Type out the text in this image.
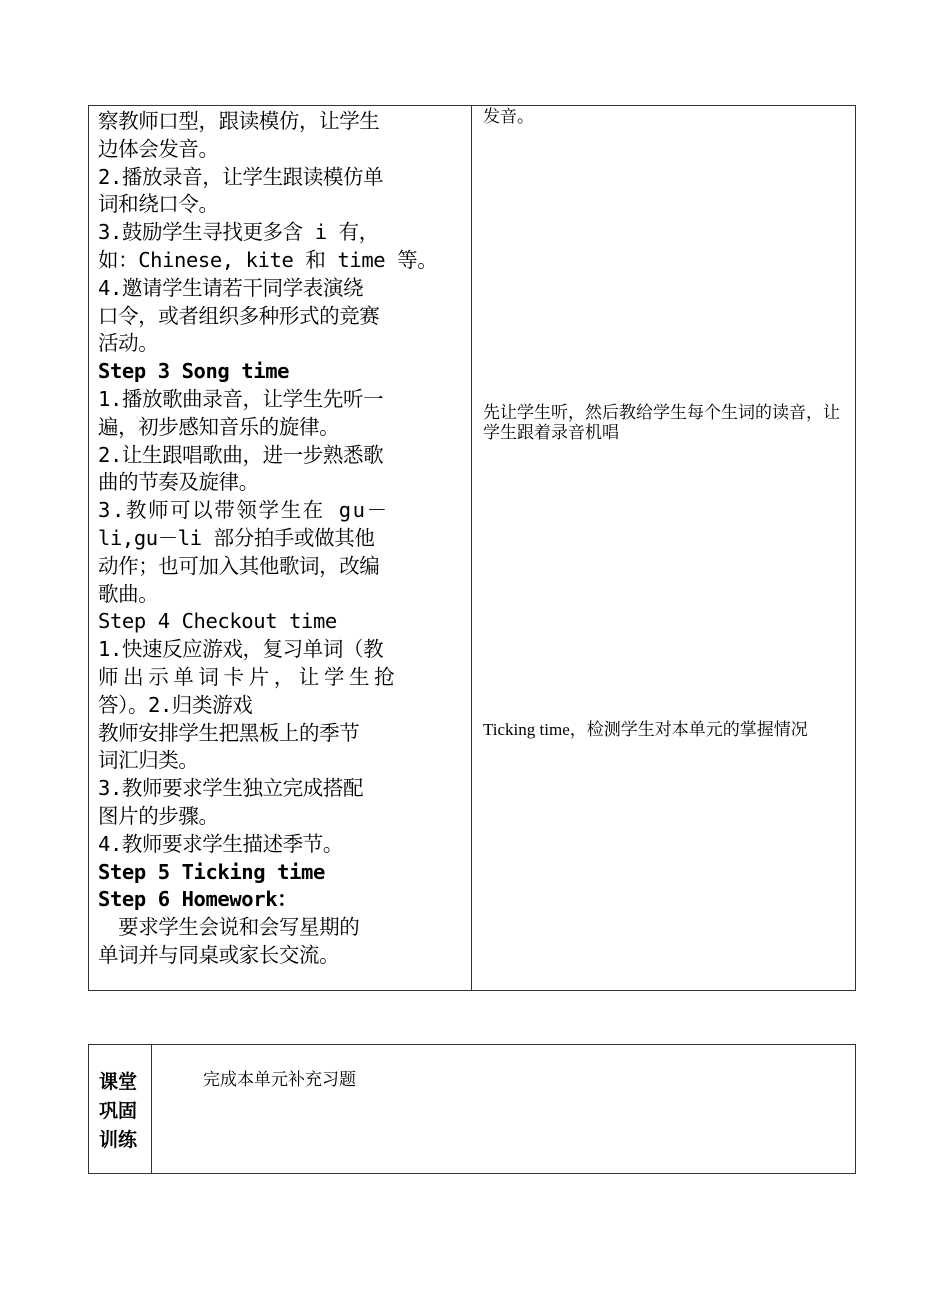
察教师口型，跟读模仿，让学生
边体会发音。
2.播放录音，让学生跟读模仿单
词和绕口令。
3.鼓励学生寻找更多含 i 有，
如：Chinese, kite 和 time 等。
4.邀请学生请若干同学表演绕
口令，或者组织多种形式的竞赛
活动。
Step 3 Song time
1.播放歌曲录音，让学生先听一
遍，初步感知音乐的旋律。
2.让生跟唱歌曲，进一步熟悉歌
曲的节奏及旋律。
3.教师可以带领学生在 gu－
li,gu－li 部分拍手或做其他
动作；也可加入其他歌词，改编
歌曲。
Step 4 Checkout time
1.快速反应游戏，复习单词（教
师出示单词卡片，让学生抢
答）。2.归类游戏
教师安排学生把黑板上的季节
词汇归类。
3.教师要求学生独立完成搭配
图片的步骤。
4.教师要求学生描述季节。
Step 5 Ticking time
Step 6 Homework：
　要求学生会说和会写星期的
单词并与同桌或家长交流。
发音。
先让学生听，然后教给学生每个生词的读音，让学生跟着录音机唱
Ticking time，检测学生对本单元的掌握情况
课堂
巩固
训练
完成本单元补充习题
